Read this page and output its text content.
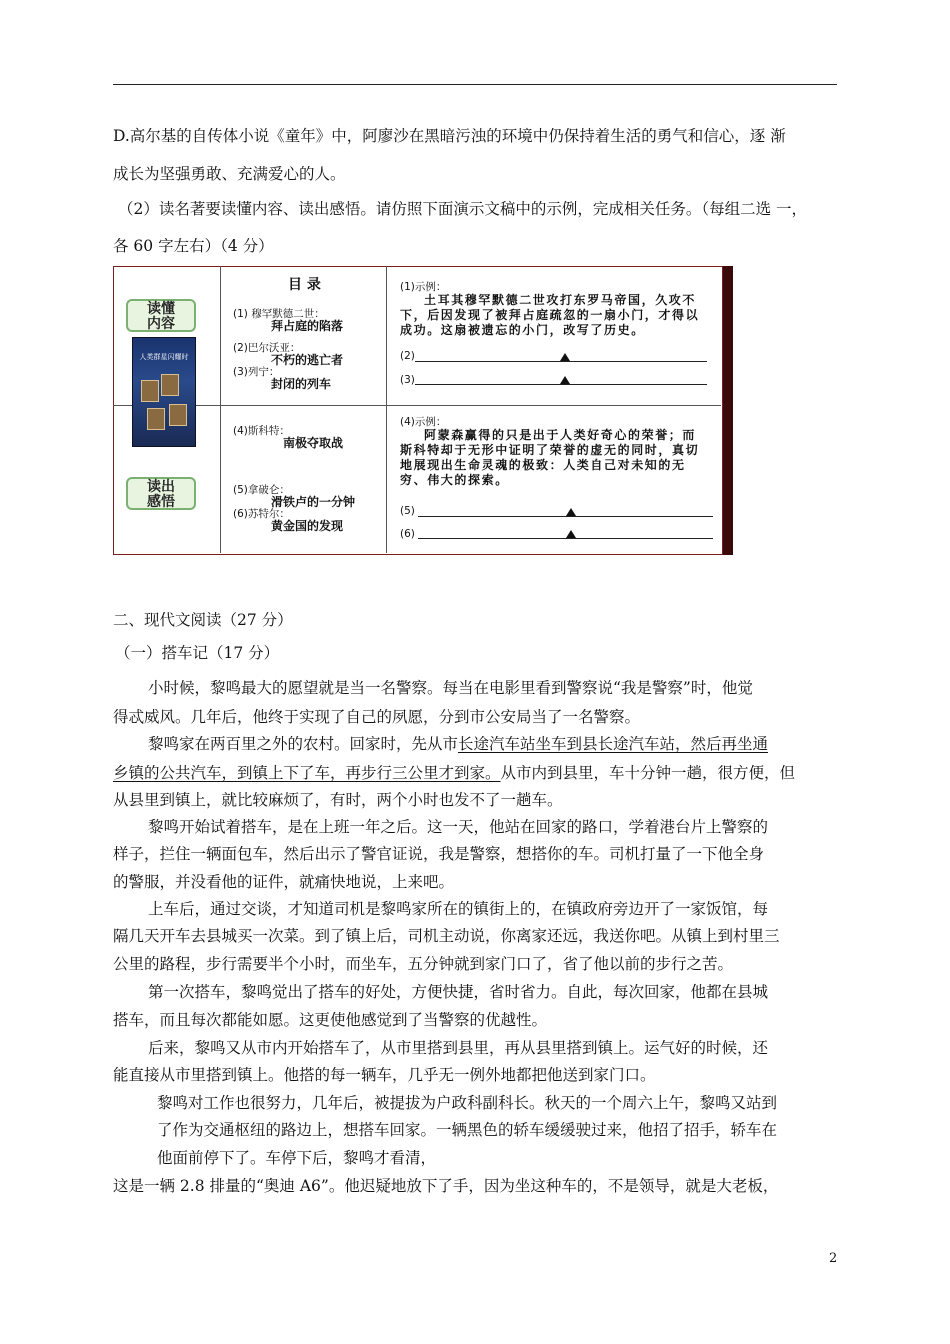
D.高尔基的自传体小说《童年》中，阿廖沙在黑暗污浊的环境中仍保持着生活的勇气和信心，逐 渐
成长为坚强勇敢、充满爱心的人。
（2）读名著要读懂内容、读出感悟。请仿照下面演示文稿中的示例，完成相关任务。（每组二选 一，
各 60 字左右）（4 分）
读懂
内容
人类群星闪耀时
读出
感悟
目 录
(1) 穆罕默德二世：
拜占庭的陷落
(2)巴尔沃亚：
不朽的逃亡者
(3)列宁：
封闭的列车
(4)斯科特：
南极夺取战
(5)拿破仑：
滑铁卢的一分钟
(6)苏特尔：
黄金国的发现
(1)示例：
土耳其穆罕默德二世攻打东罗马帝国，久攻不下，后因发现了被拜占庭疏忽的一扇小门，才得以成功。这扇被遗忘的小门，改写了历史。
(2)
(3)
(4)示例：
阿蒙森赢得的只是出于人类好奇心的荣誉；而斯科特却于无形中证明了荣誉的虚无的同时，真切地展现出生命灵魂的极致：人类自己对未知的无穷、伟大的探索。
(5)
(6)
二、现代文阅读（27 分）
（一）搭车记（17 分）
小时候，黎鸣最大的愿望就是当一名警察。每当在电影里看到警察说“我是警察”时，他觉
得忒威风。几年后，他终于实现了自己的夙愿，分到市公安局当了一名警察。
黎鸣家在两百里之外的农村。回家时，先从市长途汽车站坐车到县长途汽车站，然后再坐通
乡镇的公共汽车，到镇上下了车，再步行三公里才到家。从市内到县里，车十分钟一趟，很方便，但
从县里到镇上，就比较麻烦了，有时，两个小时也发不了一趟车。
黎鸣开始试着搭车，是在上班一年之后。这一天，他站在回家的路口，学着港台片上警察的
样子，拦住一辆面包车，然后出示了警官证说，我是警察，想搭你的车。司机打量了一下他全身
的警服，并没看他的证件，就痛快地说，上来吧。
上车后，通过交谈，才知道司机是黎鸣家所在的镇街上的，在镇政府旁边开了一家饭馆，每
隔几天开车去县城买一次菜。到了镇上后，司机主动说，你离家还远，我送你吧。从镇上到村里三
公里的路程，步行需要半个小时，而坐车，五分钟就到家门口了，省了他以前的步行之苦。
第一次搭车，黎鸣觉出了搭车的好处，方便快捷，省时省力。自此，每次回家，他都在县城
搭车，而且每次都能如愿。这更使他感觉到了当警察的优越性。
后来，黎鸣又从市内开始搭车了，从市里搭到县里，再从县里搭到镇上。运气好的时候，还
能直接从市里搭到镇上。他搭的每一辆车，几乎无一例外地都把他送到家门口。
黎鸣对工作也很努力，几年后，被提拔为户政科副科长。秋天的一个周六上午，黎鸣又站到
了作为交通枢纽的路边上，想搭车回家。一辆黑色的轿车缓缓驶过来，他招了招手，轿车在
他面前停下了。车停下后，黎鸣才看清，
这是一辆 2.8 排量的“奥迪 A6”。他迟疑地放下了手，因为坐这种车的，不是领导，就是大老板，
2
